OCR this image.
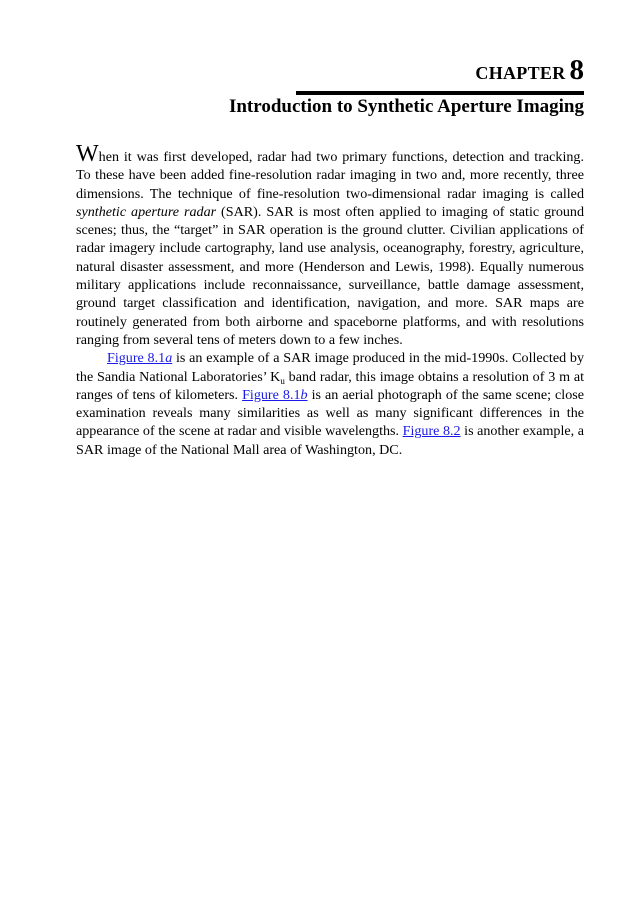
CHAPTER 8
Introduction to Synthetic Aperture Imaging

When it was first developed, radar had two primary functions, detection and tracking. To these have been added fine-resolution radar imaging in two and, more recently, three dimensions. The technique of fine-resolution two-dimensional radar imaging is called synthetic aperture radar (SAR). SAR is most often applied to imaging of static ground scenes; thus, the “target” in SAR operation is the ground clutter. Civilian applications of radar imagery include cartography, land use analysis, oceanography, forestry, agriculture, natural disaster assessment, and more (Henderson and Lewis, 1998). Equally numerous military applications include reconnaissance, surveillance, battle damage assessment, ground target classification and identification, navigation, and more. SAR maps are routinely generated from both airborne and spaceborne platforms, and with resolutions ranging from several tens of meters down to a few inches.

Figure 8.1a is an example of a SAR image produced in the mid-1990s. Collected by the Sandia National Laboratories’ $K_u$ band radar, this image obtains a resolution of 3 m at ranges of tens of kilometers. Figure 8.1b is an aerial photograph of the same scene; close examination reveals many similarities as well as many significant differences in the appearance of the scene at radar and visible wavelengths. Figure 8.2 is another example, a SAR image of the National Mall area of Washington, DC.
